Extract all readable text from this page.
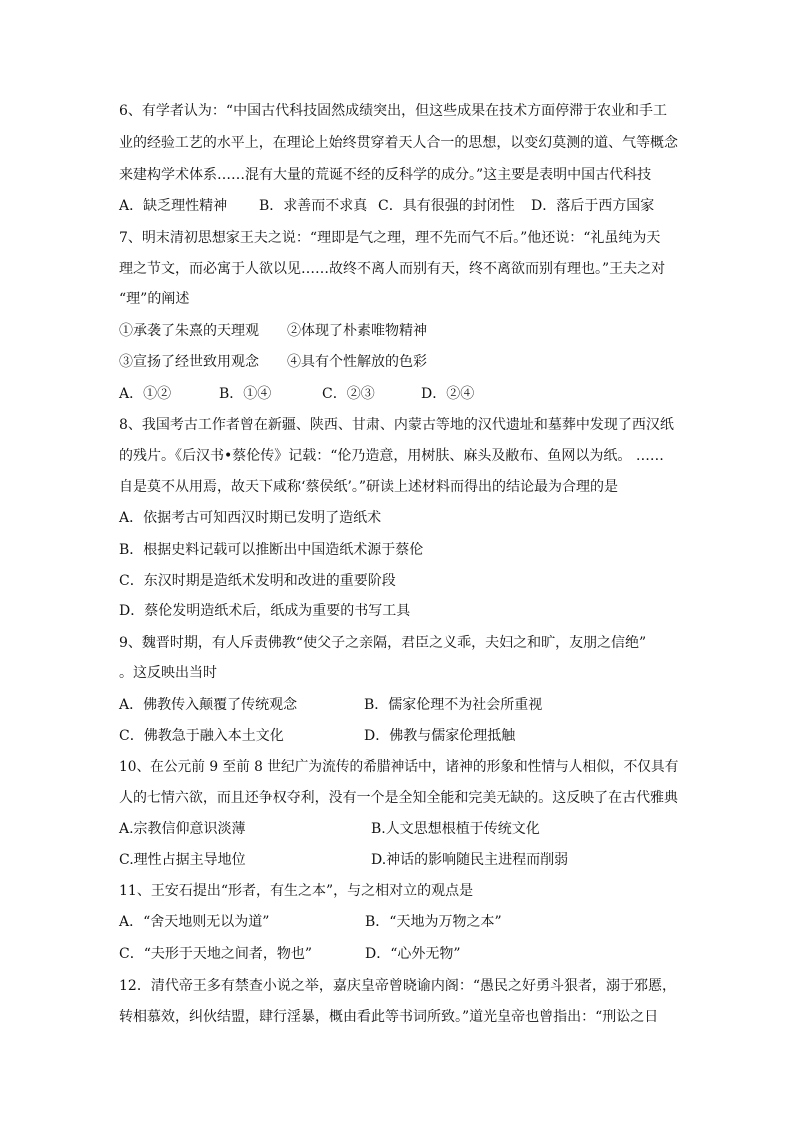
6、有学者认为：“中国古代科技固然成绩突出，但这些成果在技术方面停滞于农业和手工
业的经验工艺的水平上，在理论上始终贯穿着天人合一的思想，以变幻莫测的道、气等概念
来建构学术体系……混有大量的荒诞不经的反科学的成分。”这主要是表明中国古代科技
A．缺乏理性精神 B．求善而不求真 C．具有很强的封闭性 D．落后于西方国家
7、明末清初思想家王夫之说：“理即是气之理，理不先而气不后。”他还说：“礼虽纯为天
理之节文，而必寓于人欲以见……故终不离人而别有天，终不离欲而别有理也。”王夫之对
“理”的阐述
①承袭了朱熹的天理观 ②体现了朴素唯物精神
③宣扬了经世致用观念 ④具有个性解放的色彩
A．①②	B．①④	C．②③	D．②④
8、我国考古工作者曾在新疆、陕西、甘肃、内蒙古等地的汉代遗址和墓葬中发现了西汉纸
的残片。《后汉书•蔡伦传》记载：“伦乃造意，用树肤、麻头及敝布、鱼网以为纸。 ……
自是莫不从用焉，故天下咸称‘蔡侯纸’。”研读上述材料而得出的结论最为合理的是
A．依据考古可知西汉时期已发明了造纸术
B．根据史料记载可以推断出中国造纸术源于蔡伦
C．东汉时期是造纸术发明和改进的重要阶段
D．蔡伦发明造纸术后，纸成为重要的书写工具
9、魏晋时期，有人斥责佛教“使父子之亲隔，君臣之义乖，夫妇之和旷，友朋之信绝”
。这反映出当时
A．佛教传入颠覆了传统观念	B．儒家伦理不为社会所重视
C．佛教急于融入本土文化	D．佛教与儒家伦理抵触
10、在公元前 9 至前 8 世纪广为流传的希腊神话中，诸神的形象和性情与人相似，不仅具有
人的七情六欲，而且还争权夺利，没有一个是全知全能和完美无缺的。这反映了在古代雅典
A.宗教信仰意识淡薄	B.人文思想根植于传统文化
C.理性占据主导地位	D.神话的影响随民主进程而削弱
11、王安石提出“形者，有生之本”，与之相对立的观点是
A．“舍天地则无以为道”	B．“天地为万物之本”
C．“夫形于天地之间者，物也”	D．“心外无物”
12．清代帝王多有禁查小说之举，嘉庆皇帝曾晓谕内阁：“愚民之好勇斗狠者，溺于邪慝，
转相慕效，纠伙结盟，肆行淫暴，概由看此等书词所致。”道光皇帝也曾指出：“刑讼之日
